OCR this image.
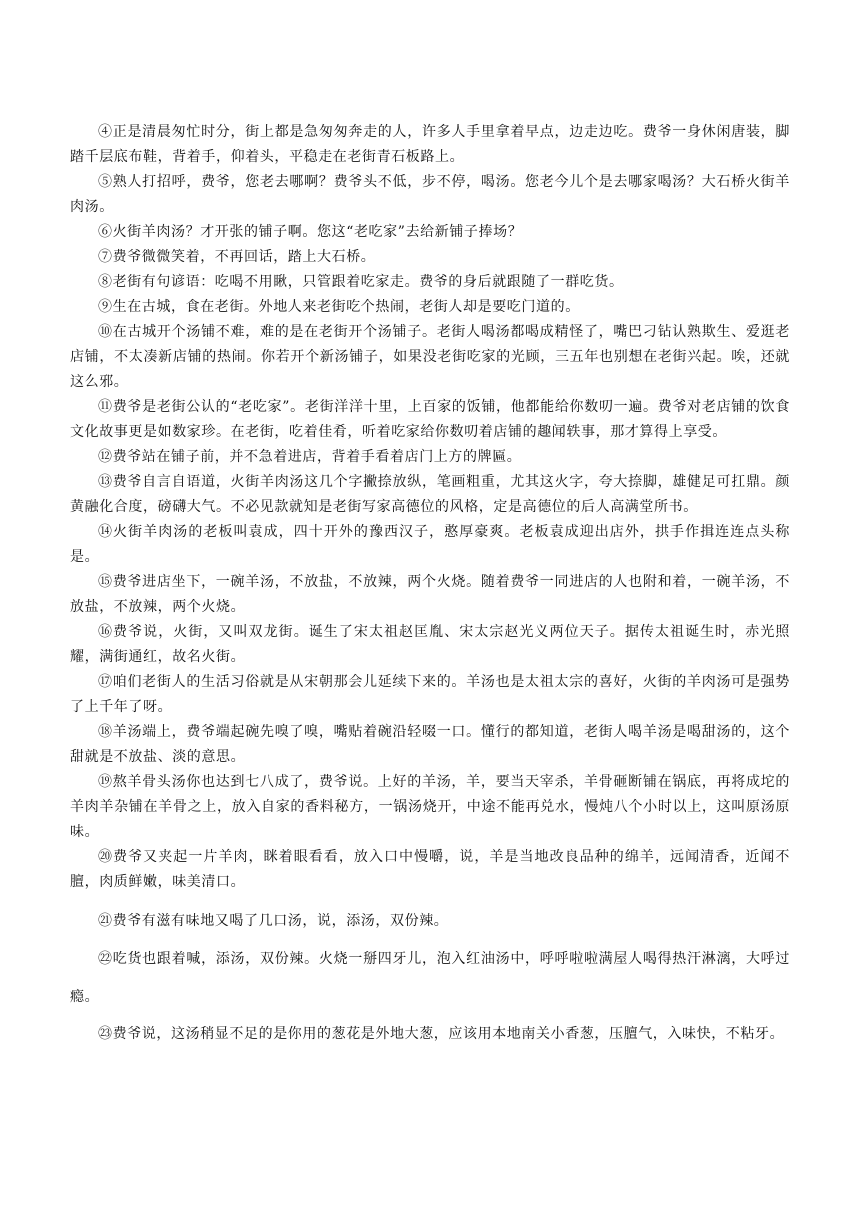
④正是清晨匆忙时分，街上都是急匆匆奔走的人，许多人手里拿着早点，边走边吃。费爷一身休闲唐装，脚踏千层底布鞋，背着手，仰着头，平稳走在老街青石板路上。

⑤熟人打招呼，费爷，您老去哪啊？费爷头不低，步不停，喝汤。您老今儿个是去哪家喝汤？大石桥火街羊肉汤。

⑥火街羊肉汤？才开张的铺子啊。您这“老吃家”去给新铺子捧场？

⑦费爷微微笑着，不再回话，踏上大石桥。

⑧老街有句谚语：吃喝不用瞅，只管跟着吃家走。费爷的身后就跟随了一群吃货。

⑨生在古城，食在老街。外地人来老街吃个热闹，老街人却是要吃门道的。

⑩在古城开个汤铺不难，难的是在老街开个汤铺子。老街人喝汤都喝成精怪了，嘴巴刁钻认熟欺生、爱逛老店铺，不太凑新店铺的热闹。你若开个新汤铺子，如果没老街吃家的光顾，三五年也别想在老街兴起。唉，还就这么邪。

⑪费爷是老街公认的“老吃家”。老街洋洋十里，上百家的饭铺，他都能给你数叨一遍。费爷对老店铺的饮食文化故事更是如数家珍。在老街，吃着佳肴，听着吃家给你数叨着店铺的趣闻轶事，那才算得上享受。

⑫费爷站在铺子前，并不急着进店，背着手看着店门上方的牌匾。

⑬费爷自言自语道，火街羊肉汤这几个字撇捺放纵，笔画粗重，尤其这火字，夸大捺脚，雄健足可扛鼎。颜黄融化合度，磅礴大气。不必见款就知是老街写家高德位的风格，定是高德位的后人高满堂所书。

⑭火街羊肉汤的老板叫袁成，四十开外的豫西汉子，憨厚豪爽。老板袁成迎出店外，拱手作揖连连点头称是。

⑮费爷进店坐下，一碗羊汤，不放盐，不放辣，两个火烧。随着费爷一同进店的人也附和着，一碗羊汤，不放盐，不放辣，两个火烧。

⑯费爷说，火街，又叫双龙街。诞生了宋太祖赵匡胤、宋太宗赵光义两位天子。据传太祖诞生时，赤光照耀，满街通红，故名火街。

⑰咱们老街人的生活习俗就是从宋朝那会儿延续下来的。羊汤也是太祖太宗的喜好，火街的羊肉汤可是强势了上千年了呀。

⑱羊汤端上，费爷端起碗先嗅了嗅，嘴贴着碗沿轻啜一口。懂行的都知道，老街人喝羊汤是喝甜汤的，这个甜就是不放盐、淡的意思。

⑲熬羊骨头汤你也达到七八成了，费爷说。上好的羊汤，羊，要当天宰杀，羊骨砸断铺在锅底，再将成坨的羊肉羊杂铺在羊骨之上，放入自家的香料秘方，一锅汤烧开，中途不能再兑水，慢炖八个小时以上，这叫原汤原味。

⑳费爷又夹起一片羊肉，眯着眼看看，放入口中慢嚼，说，羊是当地改良品种的绵羊，远闻清香，近闻不膻，肉质鲜嫩，味美清口。

㉑费爷有滋有味地又喝了几口汤，说，添汤，双份辣。

㉒吃货也跟着喊，添汤，双份辣。火烧一掰四牙儿，泡入红油汤中，呼呼啦啦满屋人喝得热汗淋漓，大呼过瘾。

㉓费爷说，这汤稍显不足的是你用的葱花是外地大葱，应该用本地南关小香葱，压膻气，入味快，不粘牙。
